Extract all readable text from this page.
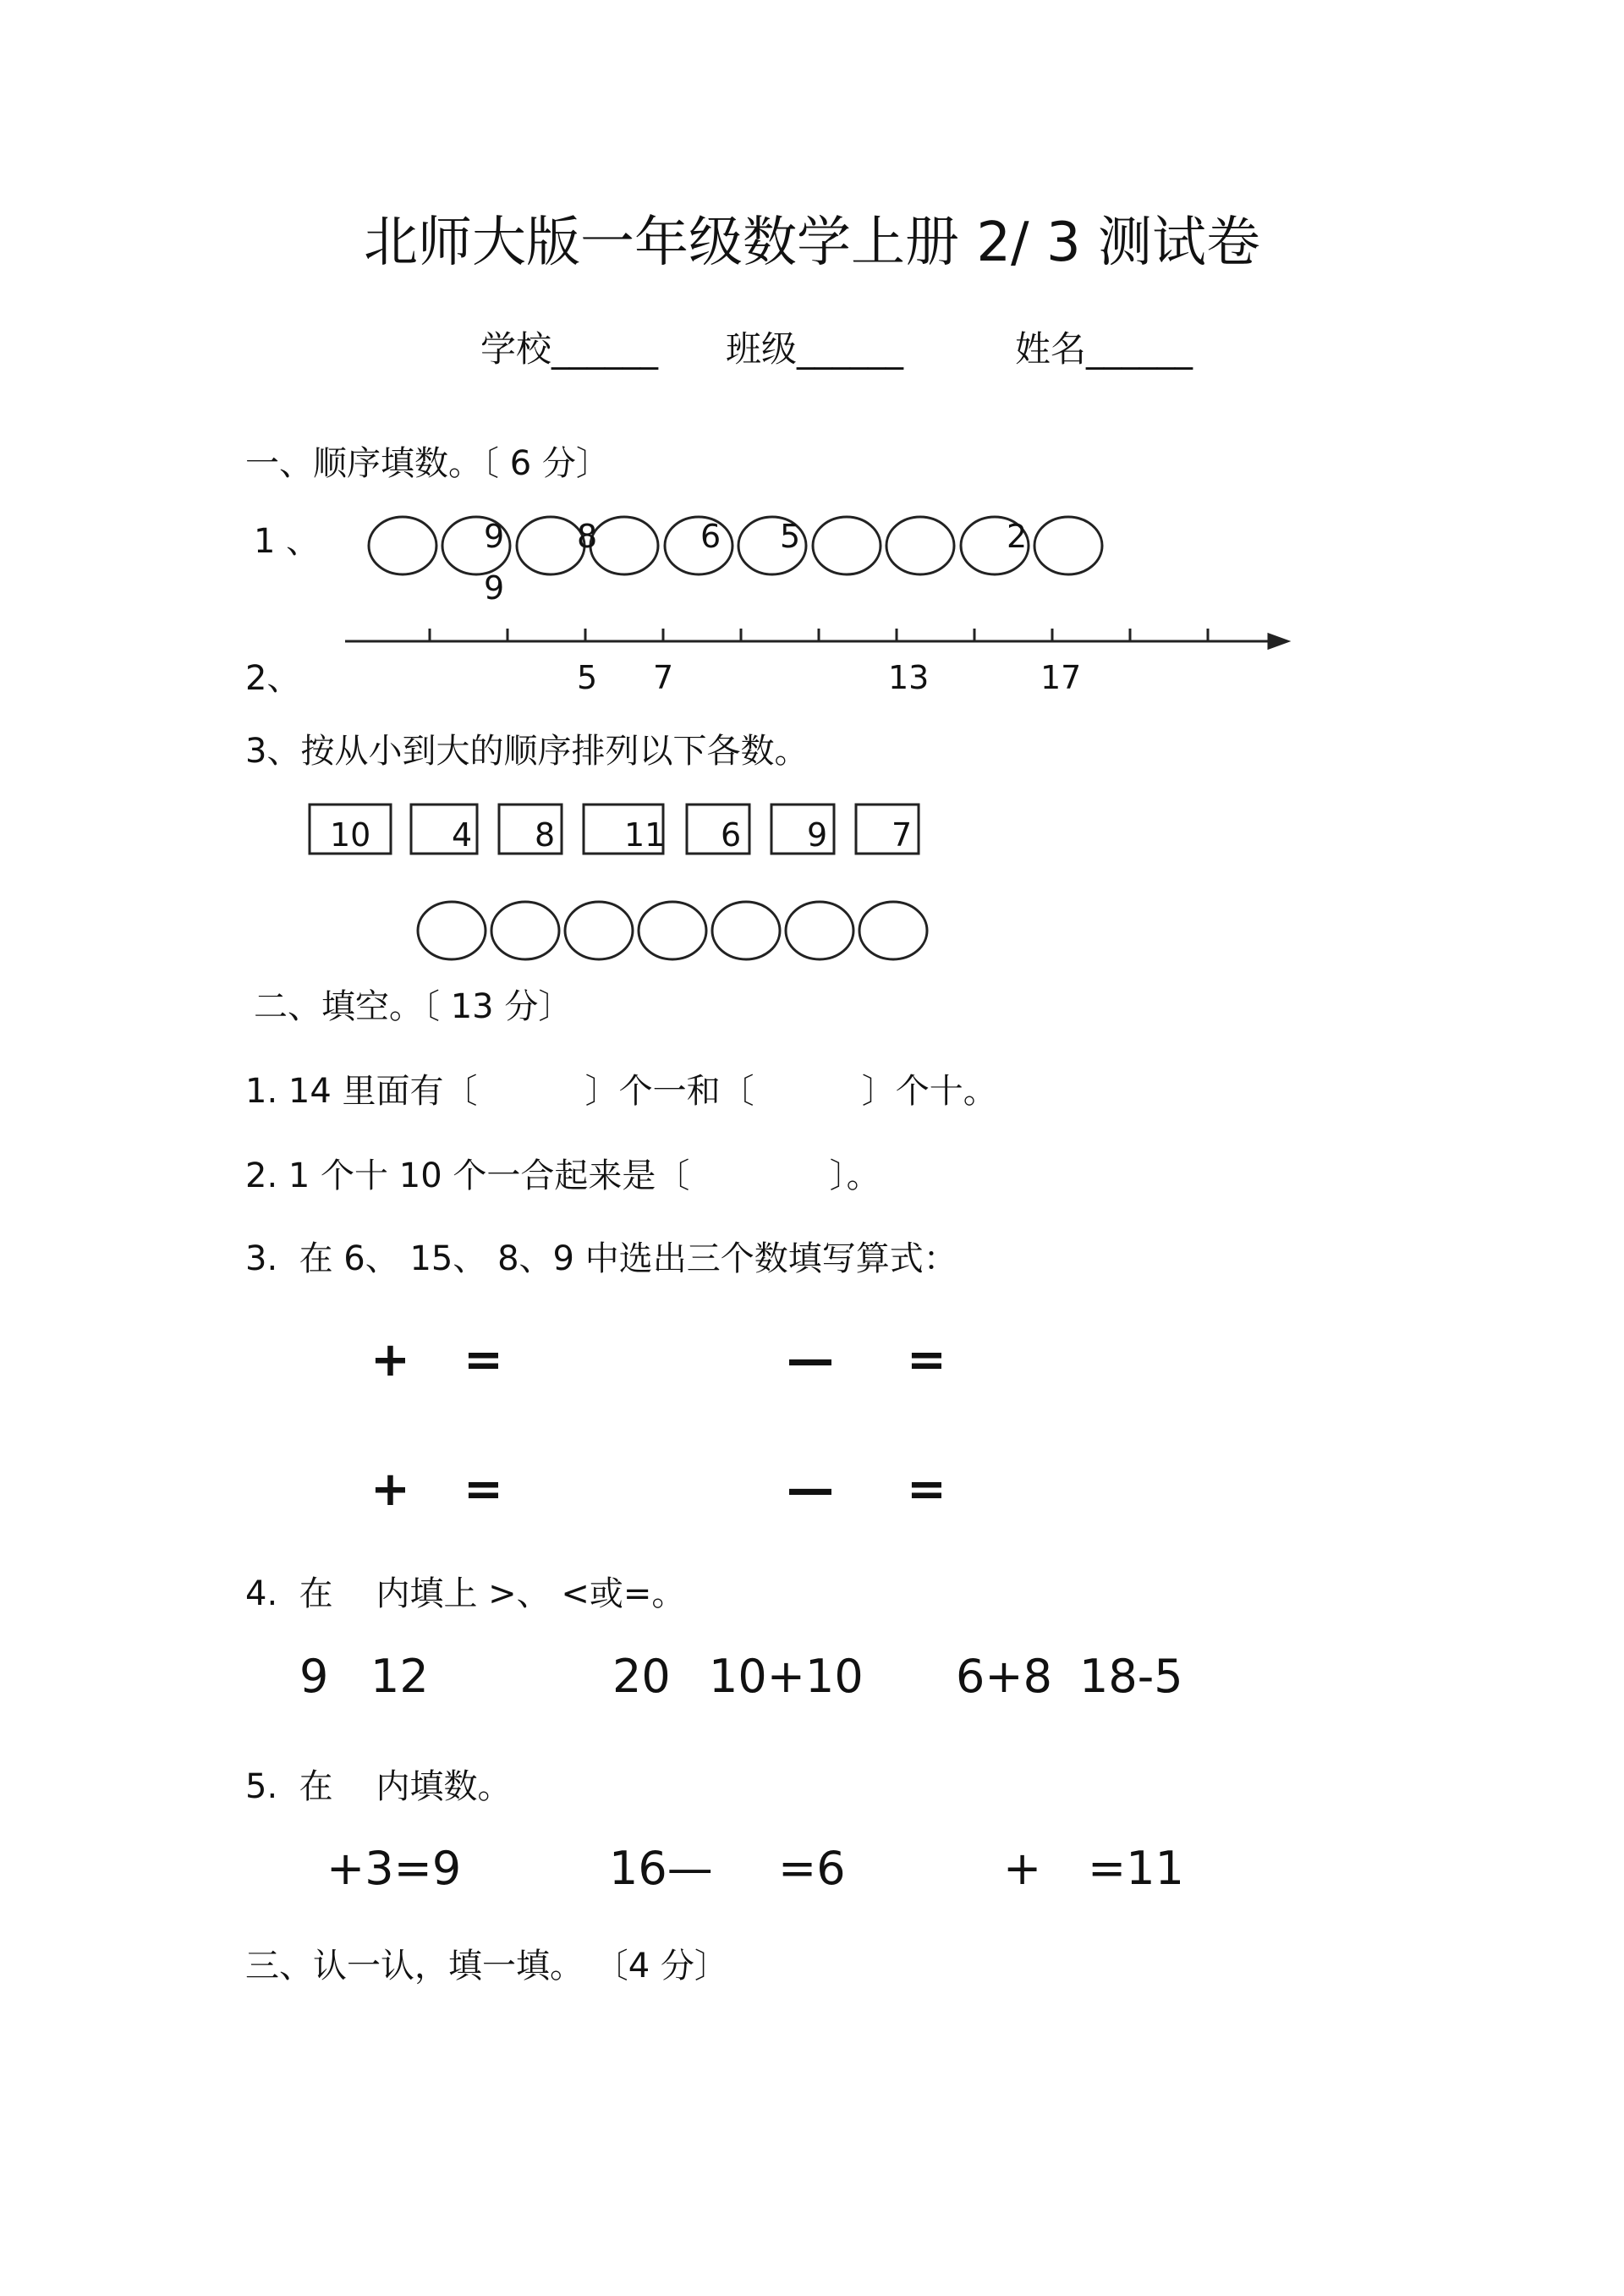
北师大版一年级数学上册 2/ 3 测试卷
学校______ 班级______	姓名______
一、顺序填数。〔 6 分〕
1 、	9 8	6 5	2
9
2、	5 7	13	17
3、按从小到大的顺序排列以下各数。
10	4 8 11 6 9 7
二、填空。〔 13 分〕
1. 14 里面有〔          〕个一和〔          〕个十。
2. 1 个十 10 个一合起来是〔             〕。
3.  在 6、 15、 8、9 中选出三个数填写算式：
+ =	— =
+ =	— =
4.  在    内填上 >、 <或=。
9 12	20 10+10 6+8 18-5
5.  在    内填数。
+3=9	16— =6	+ =11
三、认一认，填一填。 〔4 分〕
